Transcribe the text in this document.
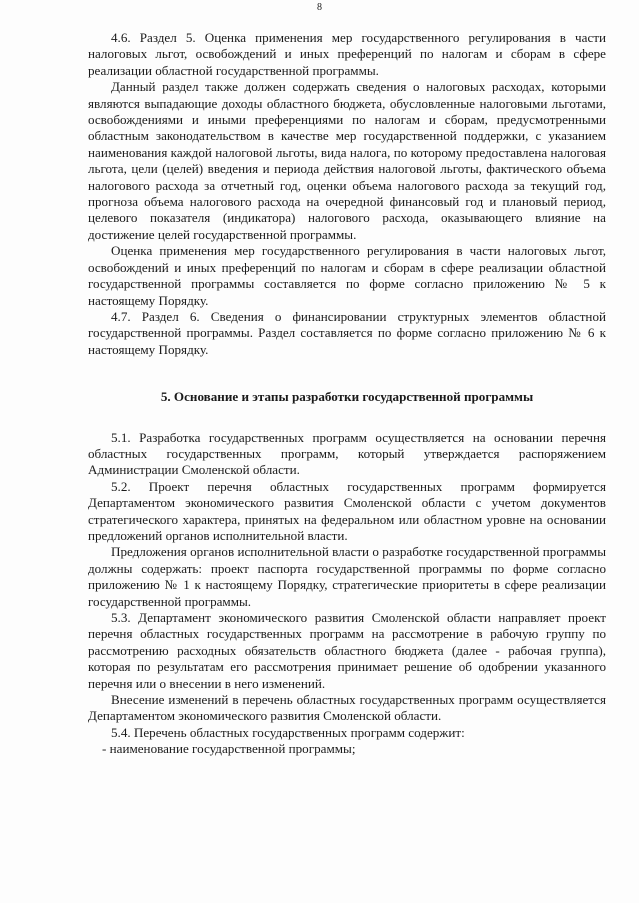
8

4.6. Раздел 5. Оценка применения мер государственного регулирования в части налоговых льгот, освобождений и иных преференций по налогам и сборам в сфере реализации областной государственной программы.

Данный раздел также должен содержать сведения о налоговых расходах, которыми являются выпадающие доходы областного бюджета, обусловленные налоговыми льготами, освобождениями и иными преференциями по налогам и сборам, предусмотренными областным законодательством в качестве мер государственной поддержки, с указанием наименования каждой налоговой льготы, вида налога, по которому предоставлена налоговая льгота, цели (целей) введения и периода действия налоговой льготы, фактического объема налогового расхода за отчетный год, оценки объема налогового расхода за текущий год, прогноза объема налогового расхода на очередной финансовый год и плановый период, целевого показателя (индикатора) налогового расхода, оказывающего влияние на достижение целей государственной программы.

Оценка применения мер государственного регулирования в части налоговых льгот, освобождений и иных преференций по налогам и сборам в сфере реализации областной государственной программы составляется по форме согласно приложению № 5 к настоящему Порядку.

4.7. Раздел 6. Сведения о финансировании структурных элементов областной государственной программы. Раздел составляется по форме согласно приложению № 6 к настоящему Порядку.

5. Основание и этапы разработки государственной программы

5.1. Разработка государственных программ осуществляется на основании перечня областных государственных программ, который утверждается распоряжением Администрации Смоленской области.

5.2. Проект перечня областных государственных программ формируется Департаментом экономического развития Смоленской области с учетом документов стратегического характера, принятых на федеральном или областном уровне на основании предложений органов исполнительной власти.

Предложения органов исполнительной власти о разработке государственной программы должны содержать: проект паспорта государственной программы по форме согласно приложению № 1 к настоящему Порядку, стратегические приоритеты в сфере реализации государственной программы.

5.3. Департамент экономического развития Смоленской области направляет проект перечня областных государственных программ на рассмотрение в рабочую группу по рассмотрению расходных обязательств областного бюджета (далее - рабочая группа), которая по результатам его рассмотрения принимает решение об одобрении указанного перечня или о внесении в него изменений.

Внесение изменений в перечень областных государственных программ осуществляется Департаментом экономического развития Смоленской области.

5.4. Перечень областных государственных программ содержит:

- наименование государственной программы;
